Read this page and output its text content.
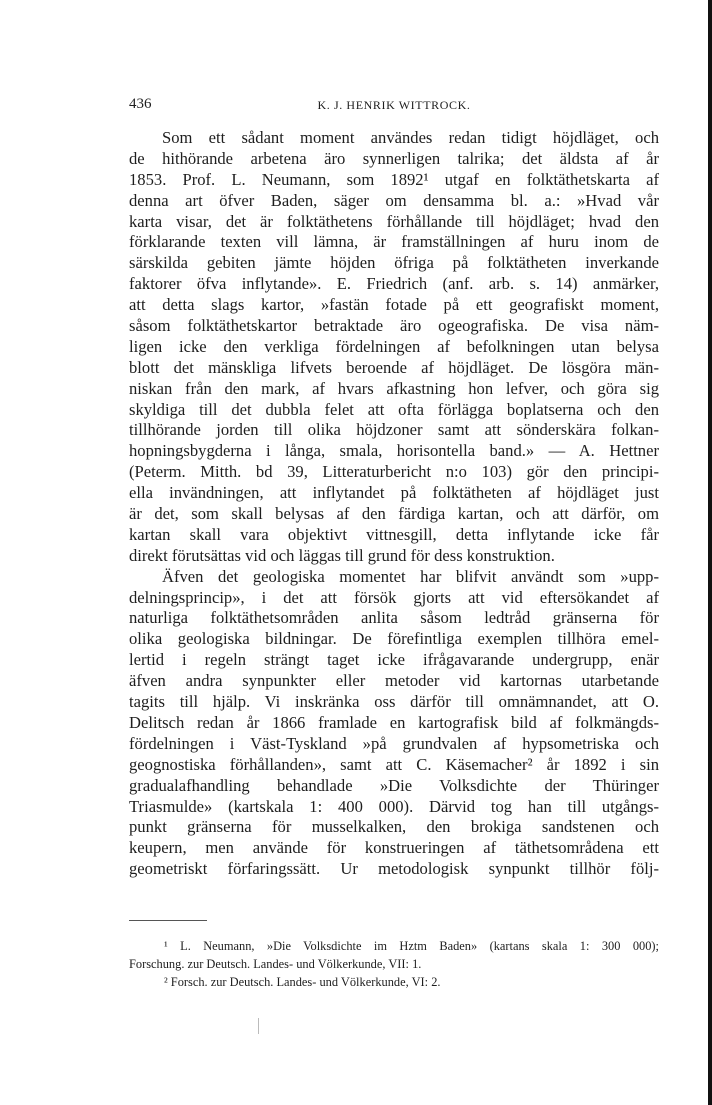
436	K. J. HENRIK WITTROCK.
Som ett sådant moment användes redan tidigt höjdläget, och
de hithörande arbetena äro synnerligen talrika; det äldsta af år
1853. Prof. L. Neumann, som 1892¹ utgaf en folktäthetskarta af
denna art öfver Baden, säger om densamma bl. a.: »Hvad vår
karta visar, det är folktäthetens förhållande till höjdläget; hvad den
förklarande texten vill lämna, är framställningen af huru inom de
särskilda gebiten jämte höjden öfriga på folktätheten inverkande
faktorer öfva inflytande». E. Friedrich (anf. arb. s. 14) anmärker,
att detta slags kartor, »fastän fotade på ett geografiskt moment,
såsom folktäthetskartor betraktade äro ogeografiska. De visa näm-
ligen icke den verkliga fördelningen af befolkningen utan belysa
blott det mänskliga lifvets beroende af höjdläget. De lösgöra män-
niskan från den mark, af hvars afkastning hon lefver, och göra sig
skyldiga till det dubbla felet att ofta förlägga boplatserna och den
tillhörande jorden till olika höjdzoner samt att sönderskära folkan-
hopningsbygderna i långa, smala, horisontella band.» — A. Hettner
(Peterm. Mitth. bd 39, Litteraturbericht n:o 103) gör den principi-
ella invändningen, att inflytandet på folktätheten af höjdläget just
är det, som skall belysas af den färdiga kartan, och att därför, om
kartan skall vara objektivt vittnesgill, detta inflytande icke får
direkt förutsättas vid och läggas till grund för dess konstruktion.
Äfven det geologiska momentet har blifvit användt som »upp-
delningsprincip», i det att försök gjorts att vid eftersökandet af
naturliga folktäthetsområden anlita såsom ledtråd gränserna för
olika geologiska bildningar. De förefintliga exemplen tillhöra emel-
lertid i regeln strängt taget icke ifrågavarande undergrupp, enär
äfven andra synpunkter eller metoder vid kartornas utarbetande
tagits till hjälp. Vi inskränka oss därför till omnämnandet, att O.
Delitsch redan år 1866 framlade en kartografisk bild af folkmängds-
fördelningen i Väst-Tyskland »på grundvalen af hypsometriska och
geognostiska förhållanden», samt att C. Käsemacher² år 1892 i sin
gradualafhandling behandlade »Die Volksdichte der Thüringer
Triasmulde» (kartskala 1: 400 000). Därvid tog han till utgångs-
punkt gränserna för musselkalken, den brokiga sandstenen och
keupern, men använde för konstrueringen af täthetsområdena ett
geometriskt förfaringssätt. Ur metodologisk synpunkt tillhör följ-
¹ L. Neumann, »Die Volksdichte im Hztm Baden» (kartans skala 1: 300 000);
Forschung. zur Deutsch. Landes- und Völkerkunde, VII: 1.
² Forsch. zur Deutsch. Landes- und Völkerkunde, VI: 2.
